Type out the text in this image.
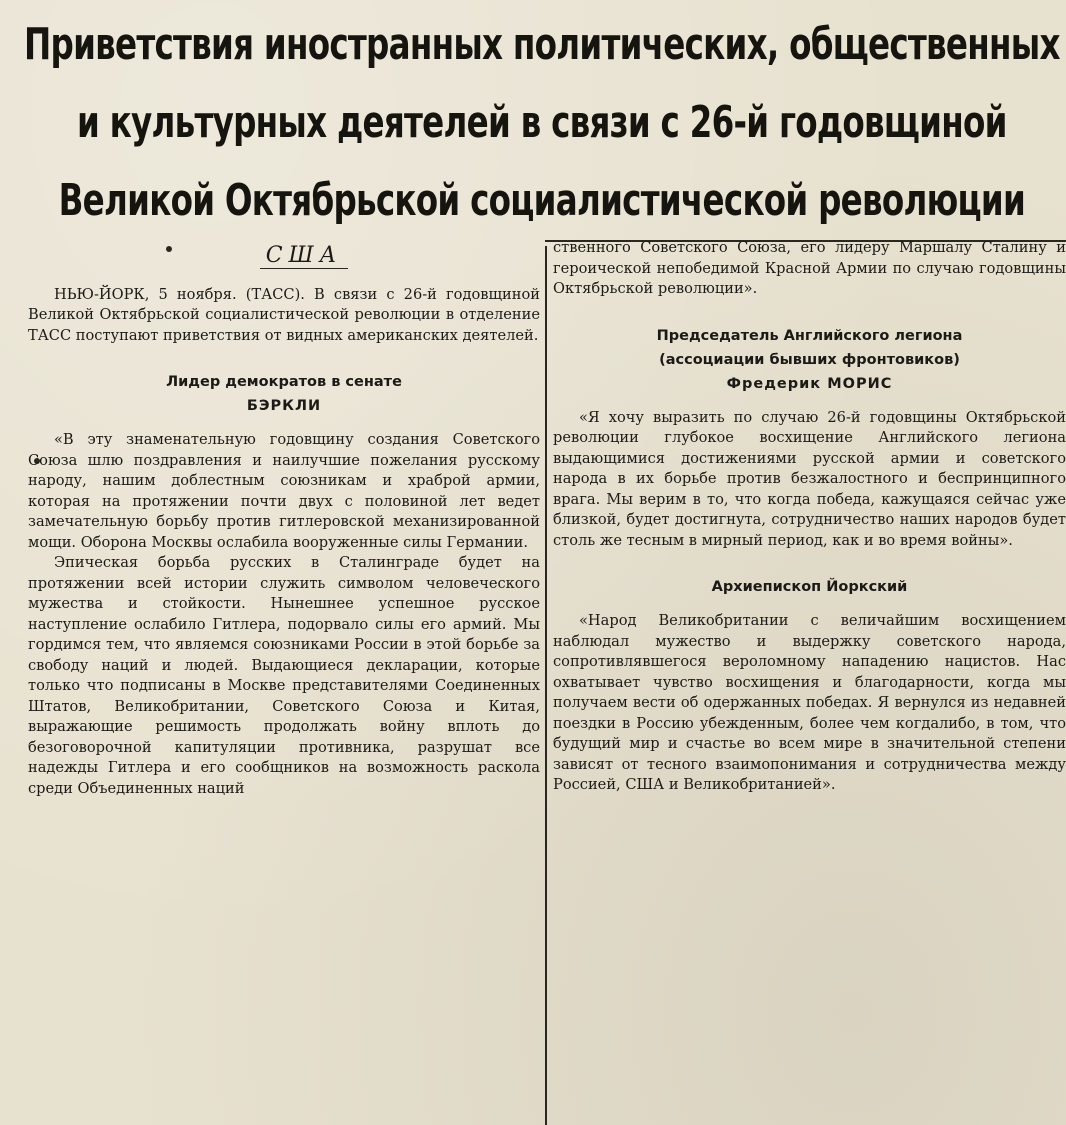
Приветствия иностранных политических, общественных
и культурных деятелей в связи с 26-й годовщиной
Великой Октябрьской социалистической революции
США

НЬЮ-ЙОРК, 5 ноября. (ТАСС). В связи с 26-й годовщиной Великой Октябрьской социалистической революции в отделение ТАСС поступают приветствия от видных американских деятелей.

Лидер демократов в сенате
БЭРКЛИ

«В эту знаменательную годовщину создания Советского Союза шлю поздравления и наилучшие пожелания русскому народу, нашим доблестным союзникам и храброй армии, которая на протяжении почти двух с половиной лет ведет замечательную борьбу против гитлеровской механизированной мощи. Оборона Москвы ослабила вооруженные силы Германии.

Эпическая борьба русских в Сталинграде будет на протяжении всей истории служить символом человеческого мужества и стойкости. Нынешнее успешное русское наступление ослабило Гитлера, подорвало силы его армий. Мы гордимся тем, что являемся союзниками России в этой борьбе за свободу наций и людей. Выдающиеся декларации, которые только что подписаны в Москве представителями Соединенных Штатов, Великобритании, Советского Союза и Китая, выражающие решимость продолжать войну вплоть до безоговорочной капитуляции противника, разрушат все надежды Гитлера и его сообщников на возможность раскола среди Объединенных наций

ственного Советского Союза, его лидеру Маршалу Сталину и героической непобедимой Красной Армии по случаю годовщины Октябрьской революции».

Председатель Английского легиона
(ассоциации бывших фронтовиков)
Фредерик МОРИС

«Я хочу выразить по случаю 26-й годовщины Октябрьской революции глубокое восхищение Английского легиона выдающимися достижениями русской армии и советского народа в их борьбе против безжалостного и беспринципного врага. Мы верим в то, что когда победа, кажущаяся сейчас уже близкой, будет достигнута, сотрудничество наших народов будет столь же тесным в мирный период, как и во время войны».

Архиепископ Йоркский

«Народ Великобритании с величайшим восхищением наблюдал мужество и выдержку советского народа, сопротивлявшегося вероломному нападению нацистов. Нас охватывает чувство восхищения и благодарности, когда мы получаем вести об одержанных победах. Я вернулся из недавней поездки в Россию убежденным, более чем когдалибо, в том, что будущий мир и счастье во всем мире в значительной степени зависят от тесного взаимопонимания и сотрудничества между Россией, США и Великобританией».
